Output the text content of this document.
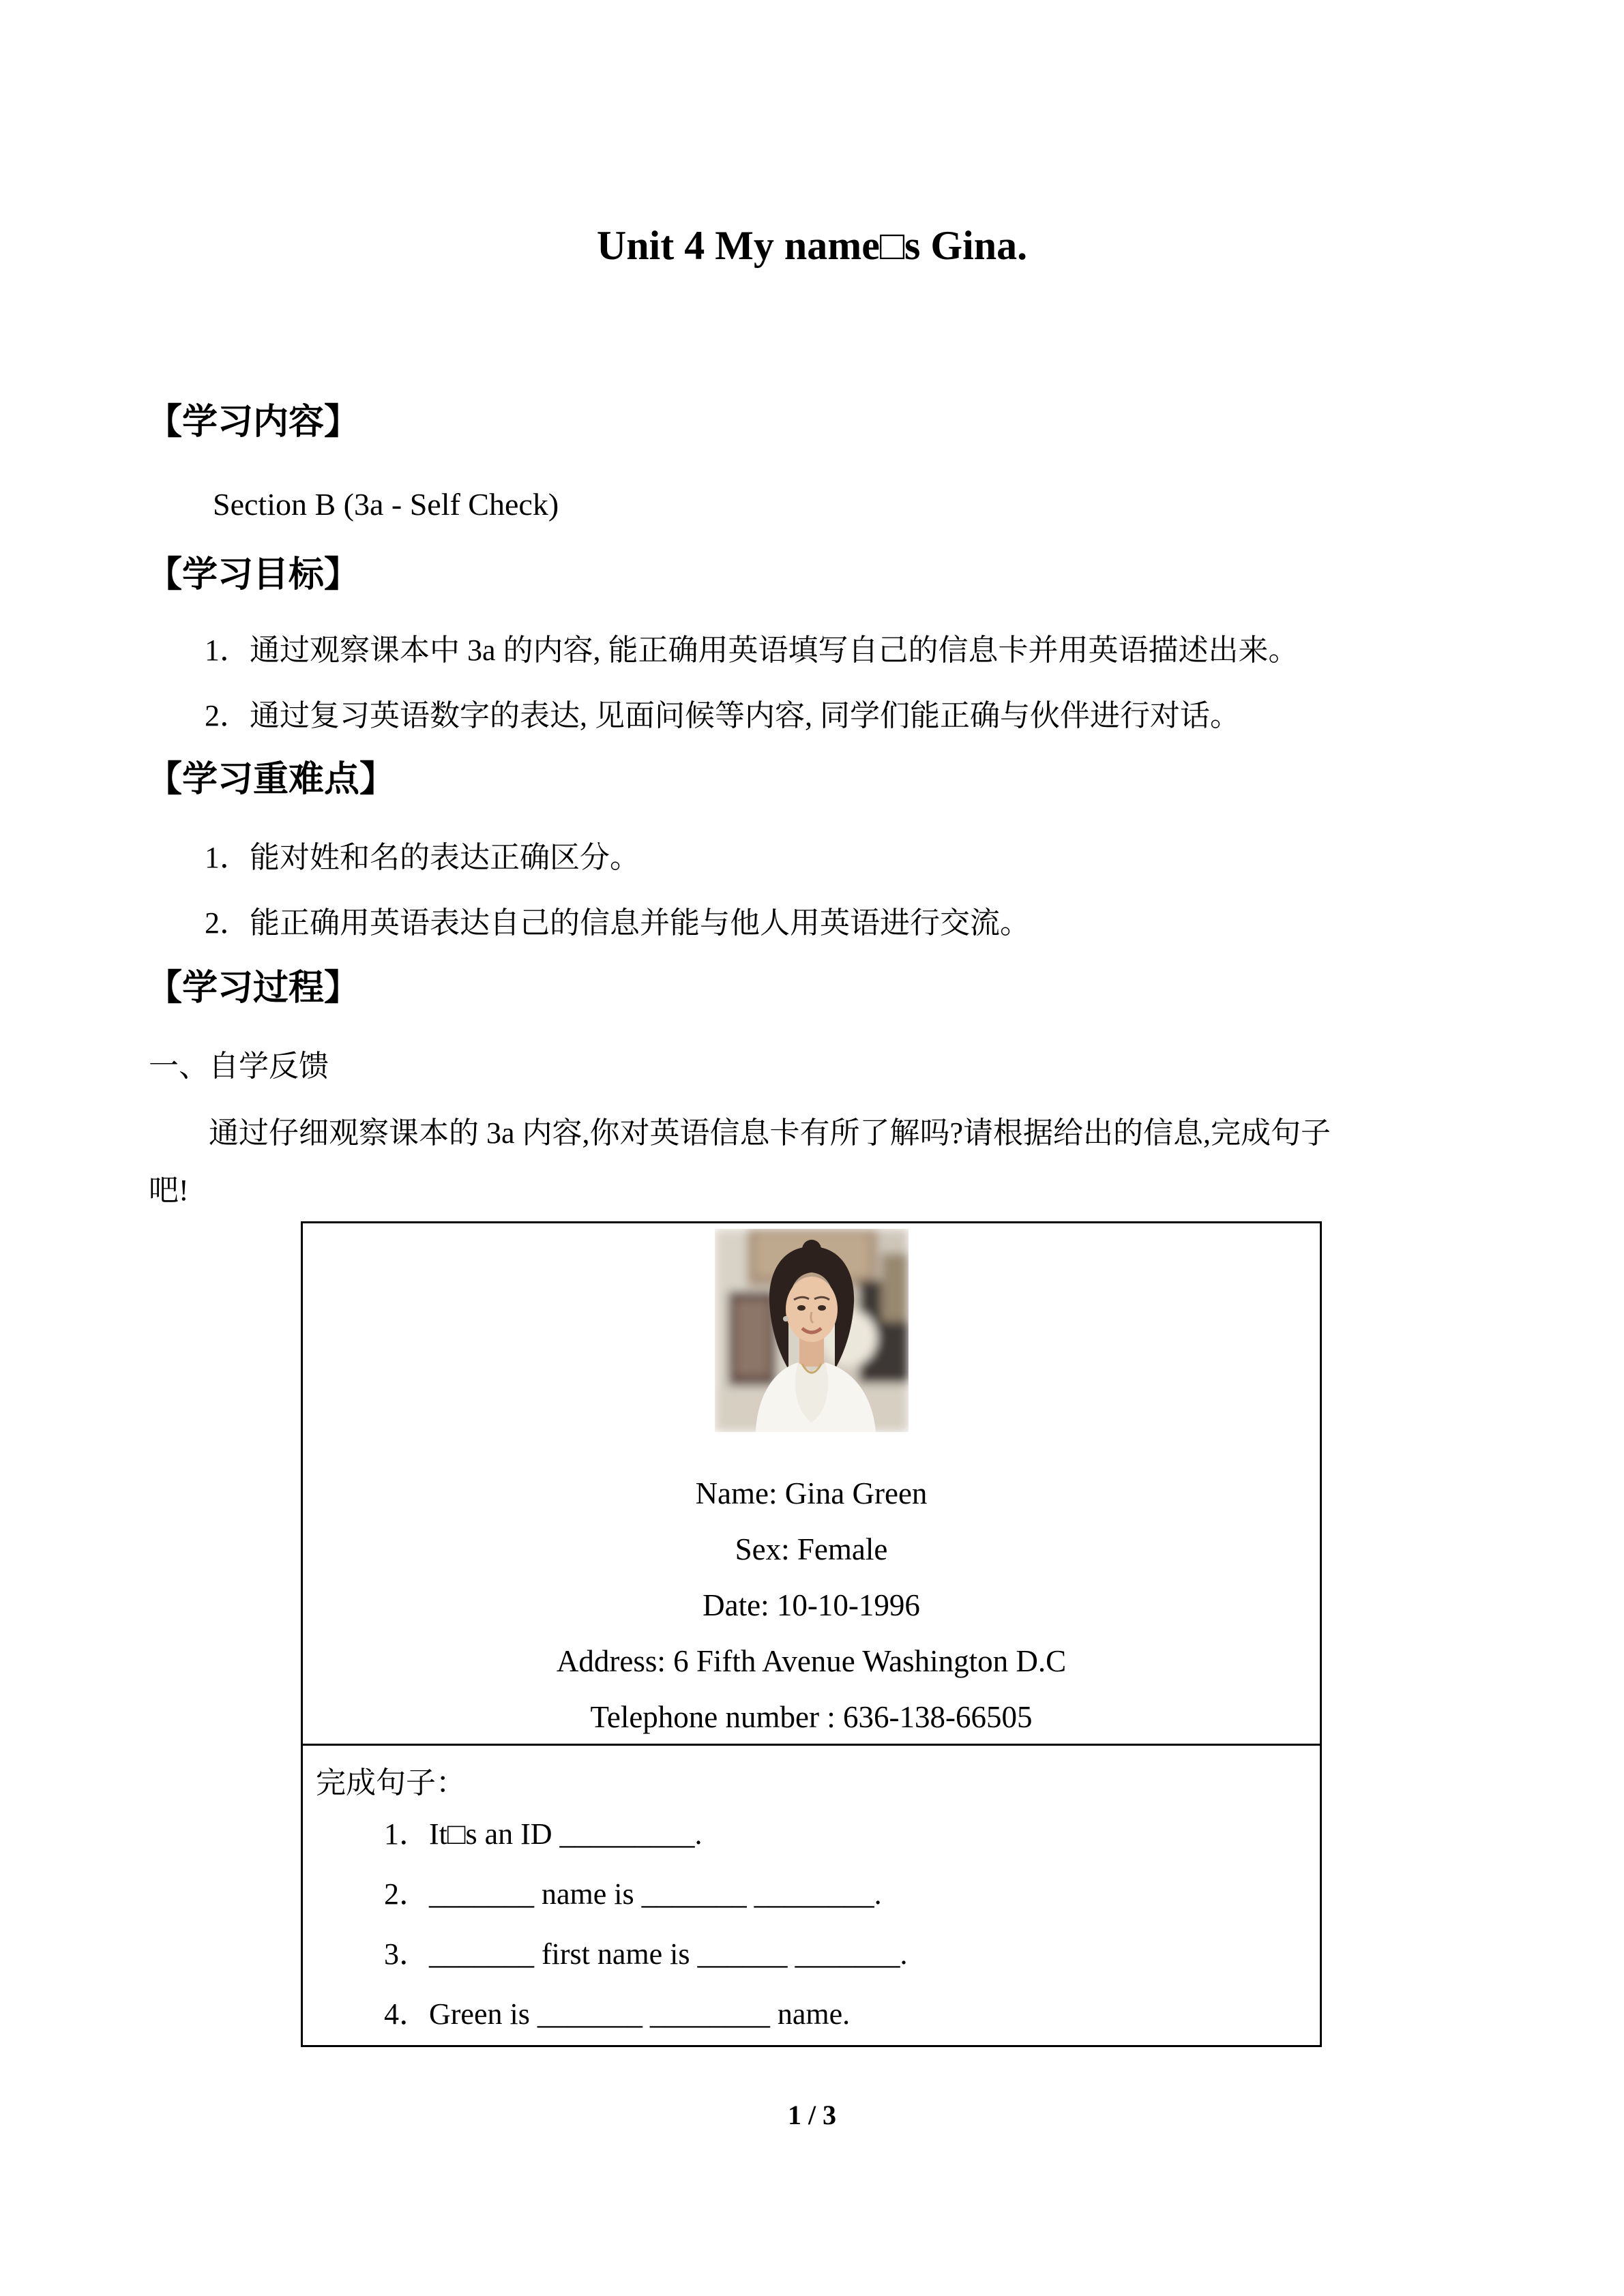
Unit 4 My name□s Gina.
【学习内容】
Section B (3a - Self Check)
【学习目标】
1．通过观察课本中 3a 的内容, 能正确用英语填写自己的信息卡并用英语描述出来。
2．通过复习英语数字的表达, 见面问候等内容, 同学们能正确与伙伴进行对话。
【学习重难点】
1．能对姓和名的表达正确区分。
2．能正确用英语表达自己的信息并能与他人用英语进行交流。
【学习过程】
一、自学反馈
通过仔细观察课本的 3a 内容,你对英语信息卡有所了解吗?请根据给出的信息,完成句子
吧!
Name: Gina Green
Sex: Female
Date: 10-10-1996
Address: 6 Fifth Avenue Washington D.C
Telephone number : 636-138-66505
完成句子：
1．It□s an ID _________.
2．_______ name is _______ ________.
3．_______ first name is ______ _______.
4．Green is _______ ________ name.
1 / 3
